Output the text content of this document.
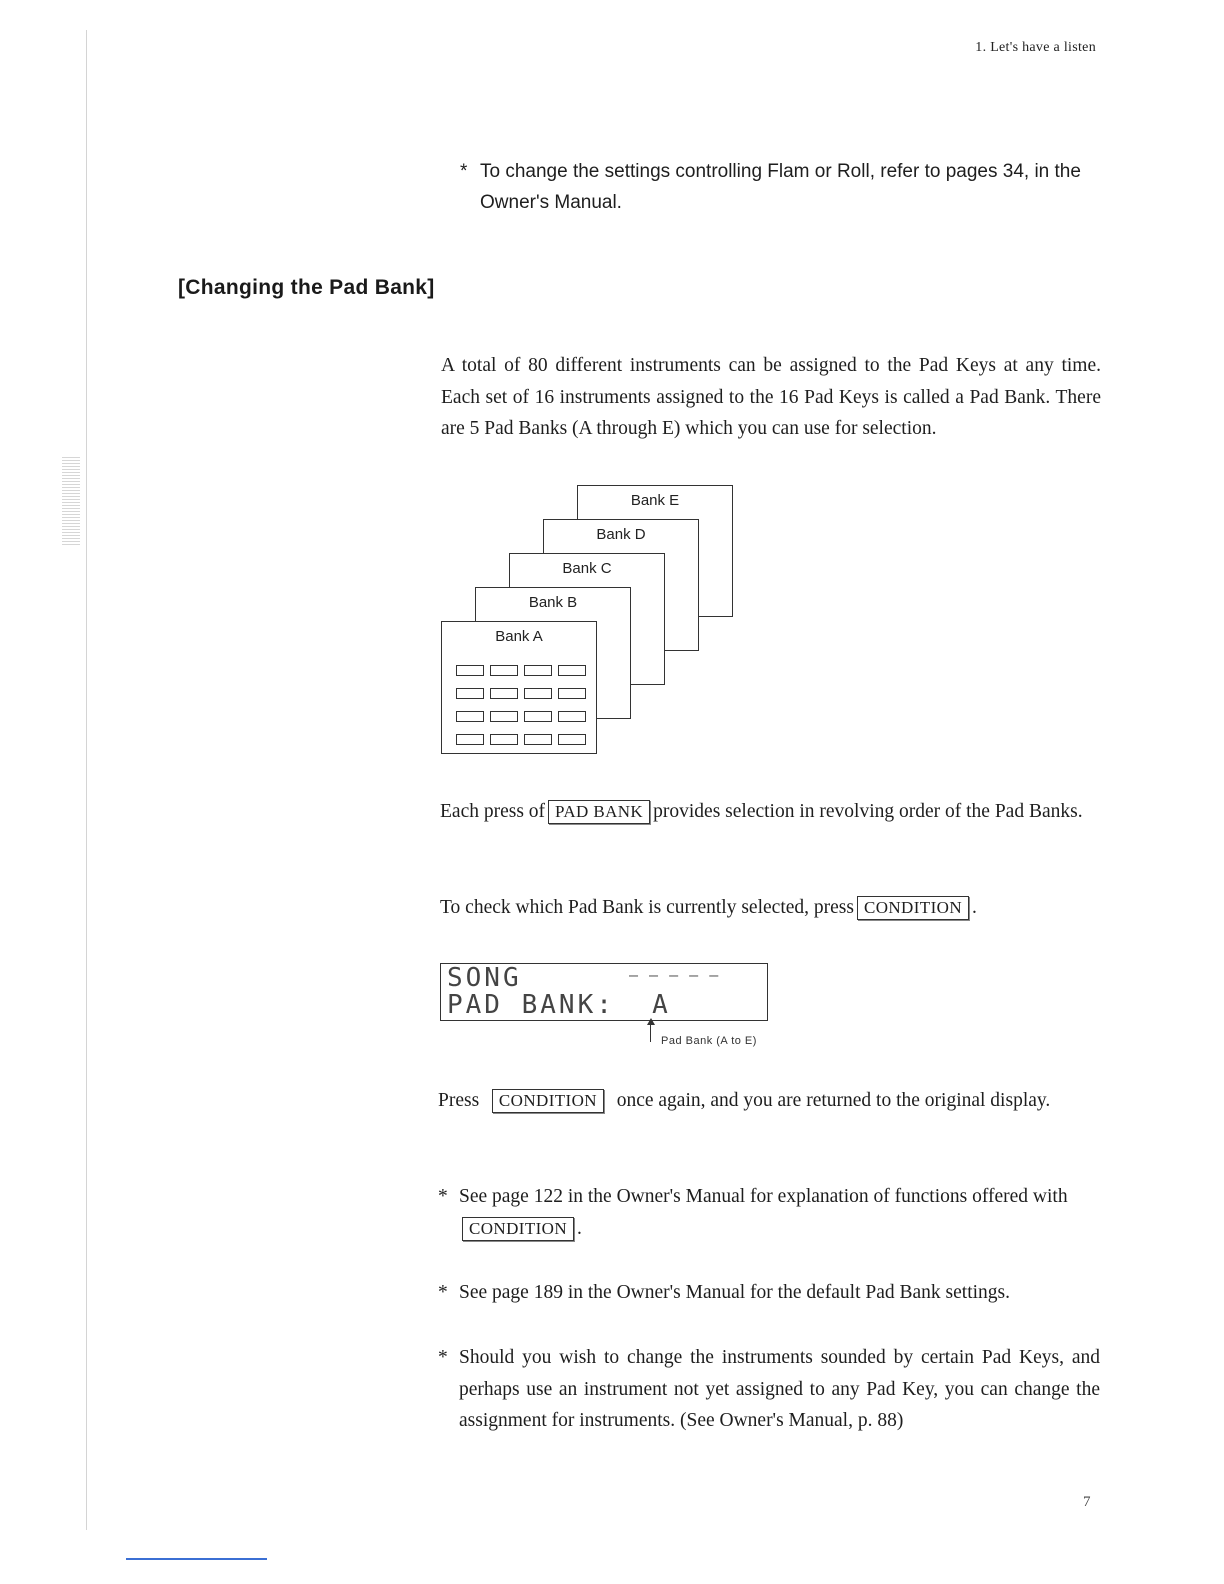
1. Let's have a listen
* To change the settings controlling Flam or Roll, refer to pages 34, in the Owner's Manual.
[Changing the Pad Bank]
A total of 80 different instruments can be assigned to the Pad Keys at any time. Each set of 16 instruments assigned to the 16 Pad Keys is called a Pad Bank. There are 5 Pad Banks (A through E) which you can use for selection.
Bank E
Bank D
Bank C
Bank B
Bank A
Each press of PAD BANK provides selection in revolving order of the Pad Banks.
To check which Pad Bank is currently selected, press CONDITION .
SONG	— — — — —
PAD BANK:  A
Pad Bank (A to E)
Press CONDITION once again, and you are returned to the original display.
* See page 122 in the Owner's Manual for explanation of functions offered withCONDITION .
* See page 189 in the Owner's Manual for the default Pad Bank settings.
* Should you wish to change the instruments sounded by certain Pad Keys, and perhaps use an instrument not yet assigned to any Pad Key, you can change the assignment for instruments. (See Owner's Manual, p. 88)
7
